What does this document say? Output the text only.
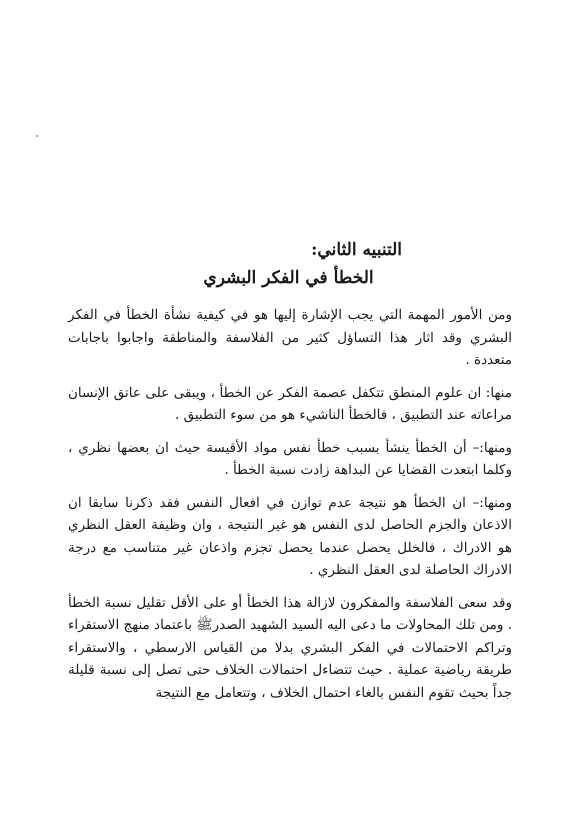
التنبيه الثاني:
الخطأ في الفكر البشري

ومن الأمور المهمة التي يجب الإشارة إليها هو في كيفية نشأة الخطأ في الفكر البشري وقد اثار هذا التساؤل كثير من الفلاسفة والمناطقة واجابوا باجابات متعددة .

منها: ان علوم المنطق تتكفل عصمة الفكر عن الخطأ ، ويبقى على عاتق الإنسان مراعاته عند التطبيق ، فالخطأ الناشيء هو من سوء التطبيق .

ومنها:– أن الخطأ ينشأ بسبب خطأ نفس مواد الأقيسة حيث ان بعضها نظري ، وكلما ابتعدت القضايا عن البداهة زادت نسبة الخطأ .

ومنها:– ان الخطأ هو نتيجة عدم توازن في افعال النفس فقد ذكرنا سابقا ان الاذعان والجزم الحاصل لدى النفس هو غير النتيجة ، وان وظيفة العقل النظري هو الادراك ، فالخلل يحصل عندما يحصل تجزم واذعان غير متناسب مع درجة الادراك الحاصلة لدى العقل النظري .

وقد سعى الفلاسفة والمفكرون لازالة هذا الخطأ أو على الأقل تقليل نسبة الخطأ . ومن تلك المحاولات ما دعى اليه السيد الشهيد الصدرﷺ باعتماد منهج الاستقراء وتراكم الاحتمالات في الفكر البشري بدلا من القياس الارسطي ، والاستقراء طريقة رياضية عملية . حيث تتضاءل احتمالات الخلاف حتى تصل إلى نسبة قليلة جداً بحيث تقوم النفس بالغاء احتمال الخلاف ، وتتعامل مع النتيجة
